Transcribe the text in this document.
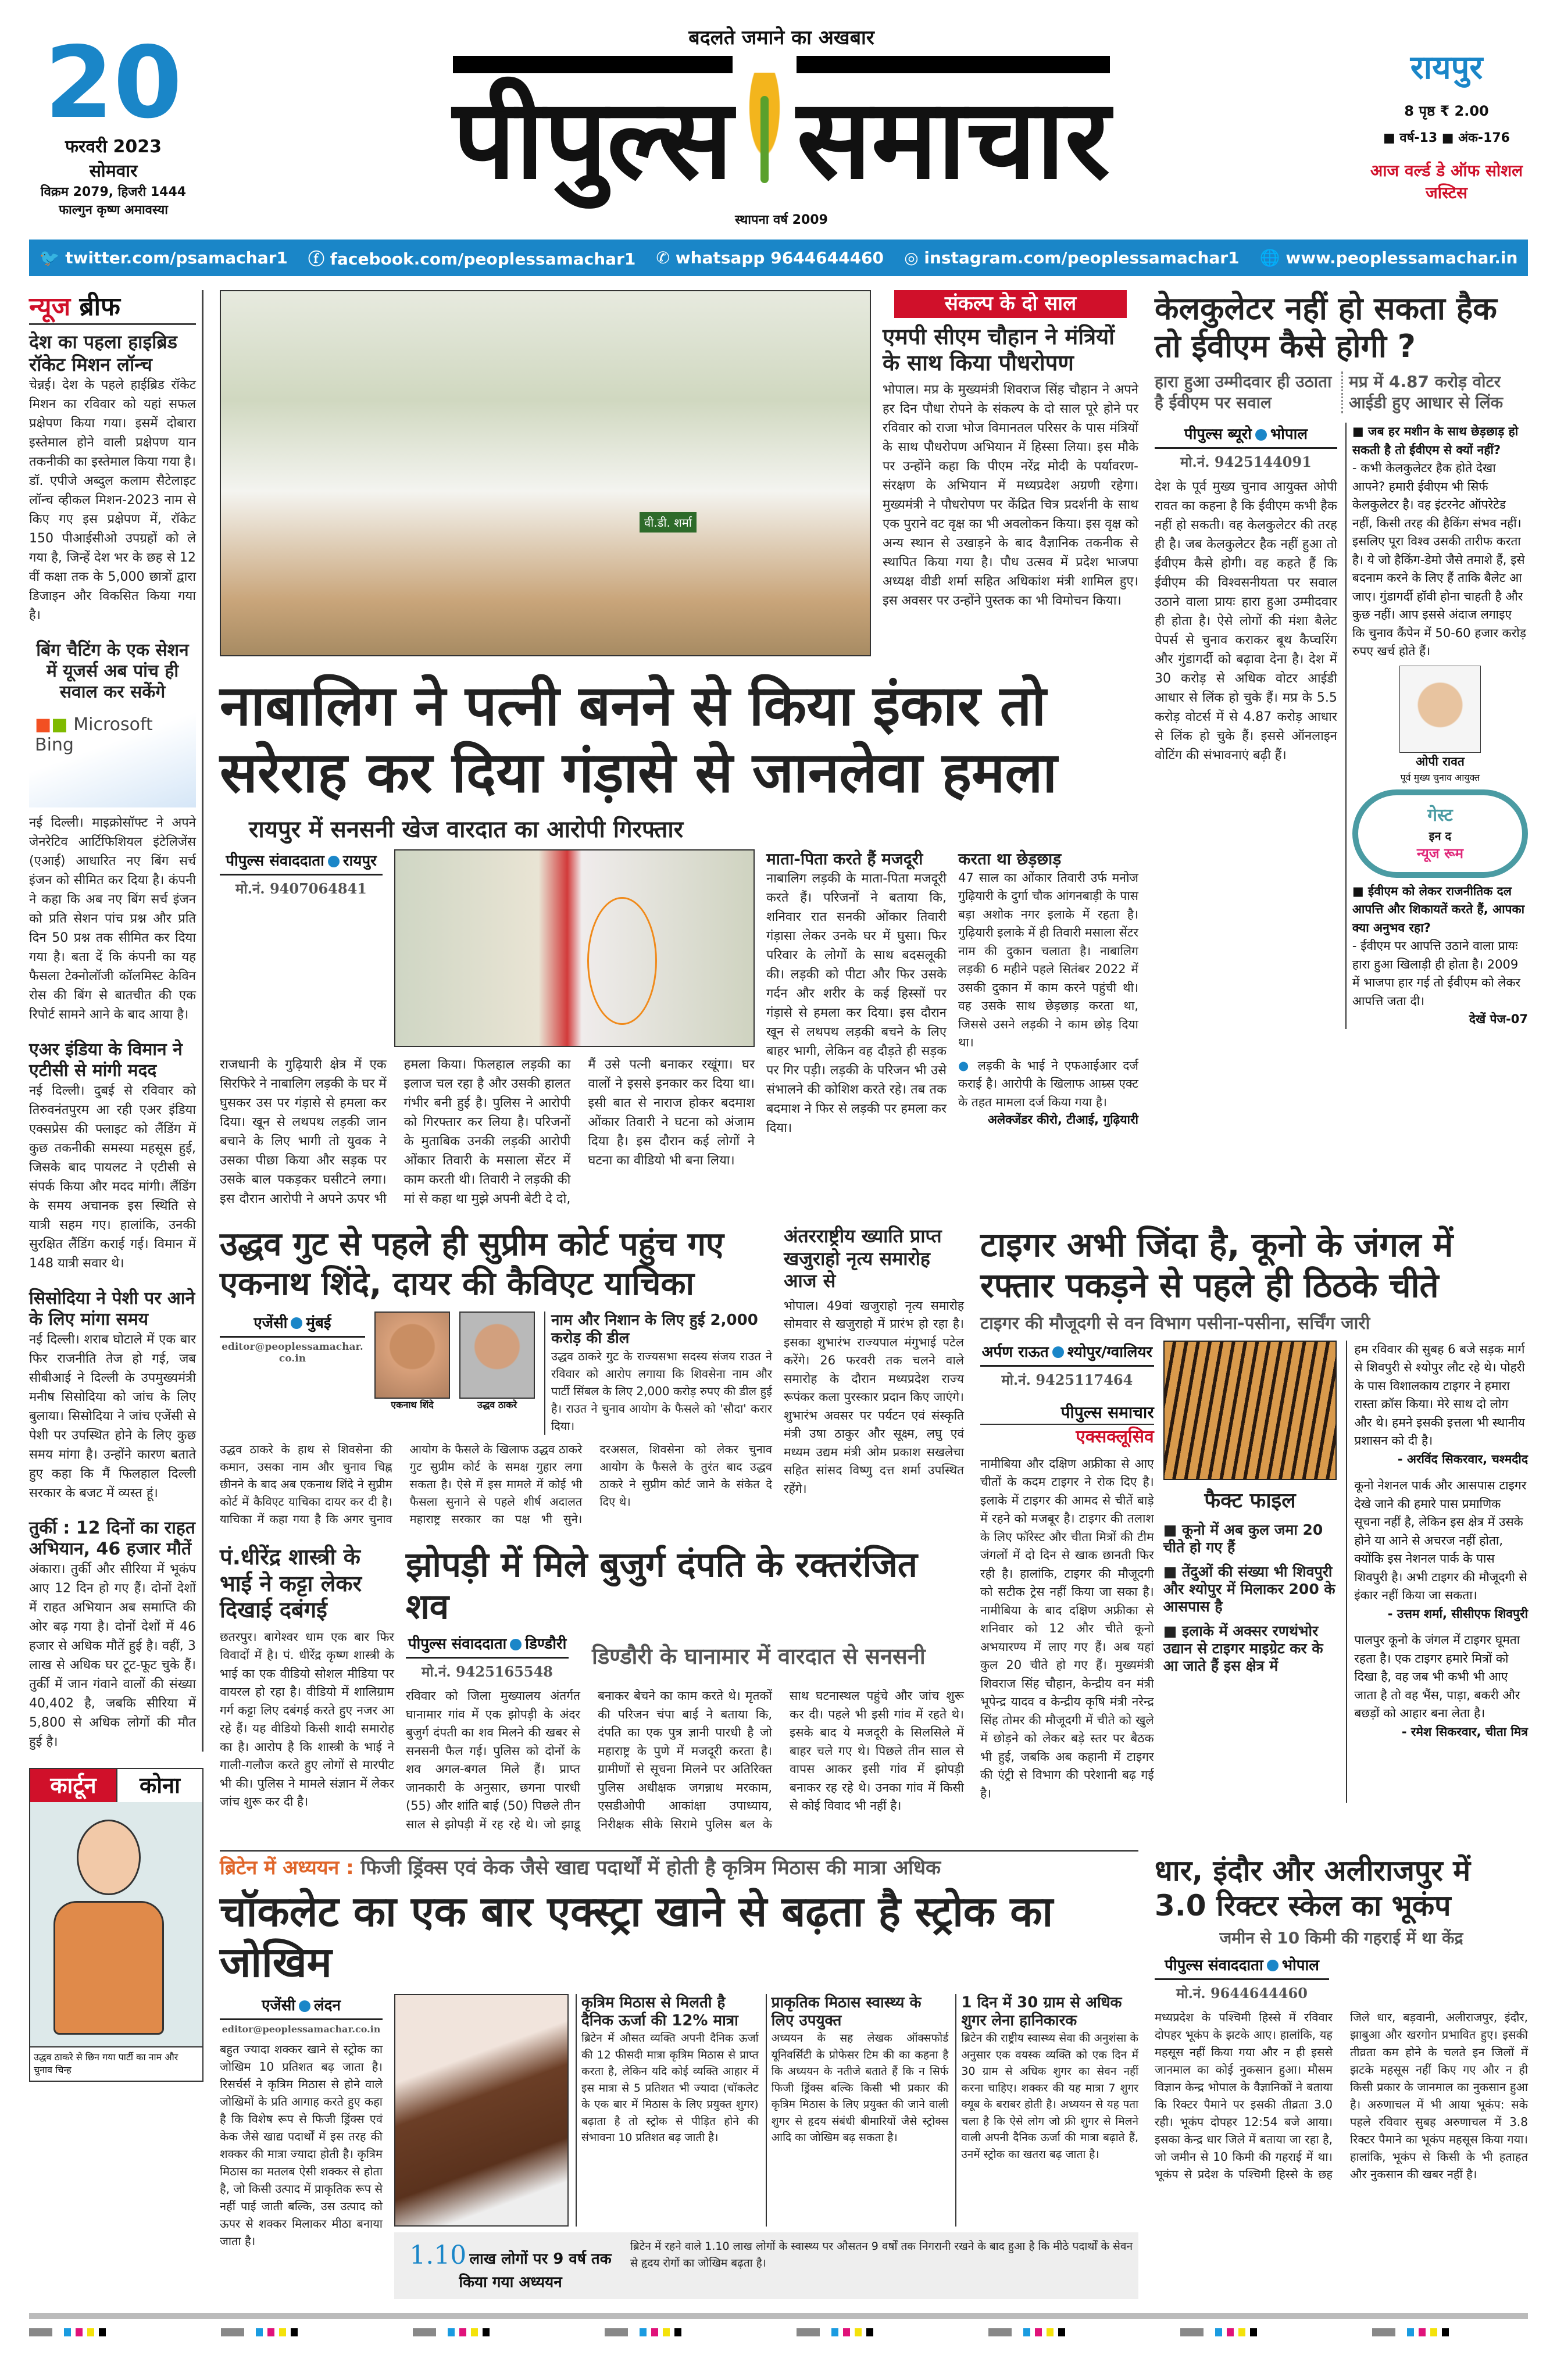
20
फरवरी 2023
सोमवार
विक्रम 2079, हिजरी 1444
फाल्गुन कृष्ण अमावस्या
बदलते जमाने का अखबार
पीपुल्स समाचार
स्थापना वर्ष 2009
रायपुर
8 पृष्ठ ₹ 2.00
■ वर्ष-13 ■ अंक-176
आज वर्ल्ड डे ऑफ सोशल जस्टिस
🐦 twitter.com/psamachar1 ⓕ facebook.com/peoplessamachar1 ✆ whatsapp 9644644460 ◎ instagram.com/peoplessamachar1 🌐 www.peoplessamachar.in
न्यूज ब्रीफ
देश का पहला हाइब्रिड रॉकेट मिशन लॉन्च
चेन्नई। देश के पहले हाईब्रिड रॉकेट मिशन का रविवार को यहां सफल प्रक्षेपण किया गया। इसमें दोबारा इस्तेमाल होने वाली प्रक्षेपण यान तकनीकी का इस्तेमाल किया गया है। डॉ. एपीजे अब्दुल कलाम सैटेलाइट लॉन्च व्हीकल मिशन-2023 नाम से किए गए इस प्रक्षेपण में, रॉकेट 150 पीआईसीओ उपग्रहों को ले गया है, जिन्हें देश भर के छह से 12 वीं कक्षा तक के 5,000 छात्रों द्वारा डिजाइन और विकसित किया गया है।
बिंग चैटिंग के एक सेशन में यूजर्स अब पांच ही सवाल कर सकेंगे
■■ Microsoft Bing
नई दिल्ली। माइक्रोसॉफ्ट ने अपने जेनरेटिव आर्टिफिशियल इंटेलिजेंस (एआई) आधारित नए बिंग सर्च इंजन को सीमित कर दिया है। कंपनी ने कहा कि अब नए बिंग सर्च इंजन को प्रति सेशन पांच प्रश्न और प्रति दिन 50 प्रश्न तक सीमित कर दिया गया है। बता दें कि कंपनी का यह फैसला टेक्नोलॉजी कॉलमिस्ट केविन रोस की बिंग से बातचीत की एक रिपोर्ट सामने आने के बाद आया है।
एअर इंडिया के विमान ने एटीसी से मांगी मदद
नई दिल्ली। दुबई से रविवार को तिरुवनंतपुरम आ रही एअर इंडिया एक्सप्रेस की फ्लाइट को लैंडिंग में कुछ तकनीकी समस्या महसूस हुई, जिसके बाद पायलट ने एटीसी से संपर्क किया और मदद मांगी। लैंडिंग के समय अचानक इस स्थिति से यात्री सहम गए। हालांकि, उनकी सुरक्षित लैंडिंग कराई गई। विमान में 148 यात्री सवार थे।
सिसोदिया ने पेशी पर आने के लिए मांगा समय
नई दिल्ली। शराब घोटाले में एक बार फिर राजनीति तेज हो गई, जब सीबीआई ने दिल्ली के उपमुख्यमंत्री मनीष सिसोदिया को जांच के लिए बुलाया। सिसोदिया ने जांच एजेंसी से पेशी पर उपस्थित होने के लिए कुछ समय मांगा है। उन्होंने कारण बताते हुए कहा कि मैं फिलहाल दिल्ली सरकार के बजट में व्यस्त हूं।
तुर्की : 12 दिनों का राहत अभियान, 46 हजार मौतें
अंकारा। तुर्की और सीरिया में भूकंप आए 12 दिन हो गए हैं। दोनों देशों में राहत अभियान अब समाप्ति की ओर बढ़ गया है। दोनों देशों में 46 हजार से अधिक मौतें हुई है। वहीं, 3 लाख से अधिक घर टूट-फूट चुके हैं। तुर्की में जान गंवाने वालों की संख्या 40,402 है, जबकि सीरिया में 5,800 से अधिक लोगों की मौत हुई है।
कार्टून	कोना
उद्धव ठाकरे से छिन गया पार्टी का नाम और चुनाव चिन्ह
वी.डी. शर्मा
संकल्प के दो साल
एमपी सीएम चौहान ने मंत्रियों के साथ किया पौधरोपण
भोपाल। मप्र के मुख्यमंत्री शिवराज सिंह चौहान ने अपने हर दिन पौधा रोपने के संकल्प के दो साल पूरे होने पर रविवार को राजा भोज विमानतल परिसर के पास मंत्रियों के साथ पौधरोपण अभियान में हिस्सा लिया। इस मौके पर उन्होंने कहा कि पीएम नरेंद्र मोदी के पर्यावरण-संरक्षण के अभियान में मध्यप्रदेश अग्रणी रहेगा। मुख्यमंत्री ने पौधरोपण पर केंद्रित चित्र प्रदर्शनी के साथ एक पुराने वट वृक्ष का भी अवलोकन किया। इस वृक्ष को अन्य स्थान से उखाड़ने के बाद वैज्ञानिक तकनीक से स्थापित किया गया है। पौध उत्सव में प्रदेश भाजपा अध्यक्ष वीडी शर्मा सहित अधिकांश मंत्री शामिल हुए। इस अवसर पर उन्होंने पुस्तक का भी विमोचन किया।
नाबालिग ने पत्नी बनने से किया इंकार तो सरेराह कर दिया गंड़ासे से जानलेवा हमला
रायपुर में सनसनी खेज वारदात का आरोपी गिरफ्तार
पीपुल्स संवाददाता रायपुर
मो.नं. 9407064841
राजधानी के गुढ़ियारी क्षेत्र में एक सिरफिरे ने नाबालिग लड़की के घर में घुसकर उस पर गंड़ासे से हमला कर दिया। खून से लथपथ लड़की जान बचाने के लिए भागी तो युवक ने उसका पीछा किया और सड़क पर उसके बाल पकड़कर घसीटने लगा। इस दौरान आरोपी ने अपने ऊपर भी हमला किया। फिलहाल लड़की का इलाज चल रहा है और उसकी हालत गंभीर बनी हुई है। पुलिस ने आरोपी को गिरफ्तार कर लिया है। परिजनों के मुताबिक उनकी लड़की आरोपी ओंकार तिवारी के मसाला सेंटर में काम करती थी। तिवारी ने लड़की की मां से कहा था मुझे अपनी बेटी दे दो, मैं उसे पत्नी बनाकर रखूंगा। घर वालों ने इससे इनकार कर दिया था। इसी बात से नाराज होकर बदमाश ओंकार तिवारी ने घटना को अंजाम दिया है। इस दौरान कई लोगों ने घटना का वीडियो भी बना लिया।
माता-पिता करते हैं मजदूरी
नाबालिग लड़की के माता-पिता मजदूरी करते हैं। परिजनों ने बताया कि, शनिवार रात सनकी ओंकार तिवारी गंड़ासा लेकर उनके घर में घुसा। फिर परिवार के लोगों के साथ बदसलूकी की। लड़की को पीटा और फिर उसके गर्दन और शरीर के कई हिस्सों पर गंड़ासे से हमला कर दिया। इस दौरान खून से लथपथ लड़की बचने के लिए बाहर भागी, लेकिन वह दौड़ते ही सड़क पर गिर पड़ी। लड़की के परिजन भी उसे संभालने की कोशिश करते रहे। तब तक बदमाश ने फिर से लड़की पर हमला कर दिया।
करता था छेड़छाड़
47 साल का ओंकार तिवारी उर्फ मनोज गुढ़ियारी के दुर्गा चौक आंगनबाड़ी के पास बड़ा अशोक नगर इलाके में रहता है। गुढ़ियारी इलाके में ही तिवारी मसाला सेंटर नाम की दुकान चलाता है। नाबालिग लड़की 6 महीने पहले सितंबर 2022 में उसकी दुकान में काम करने पहुंची थी। वह उसके साथ छेड़छाड़ करता था, जिससे उसने लड़की ने काम छोड़ दिया था।
● लड़की के भाई ने एफआईआर दर्ज कराई है। आरोपी के खिलाफ आम्र्स एक्ट के तहत मामला दर्ज किया गया है।
अलेक्जेंडर कीरो, टीआई, गुढ़ियारी
केलकुलेटर नहीं हो सकता हैक तो ईवीएम कैसे होगी ?
हारा हुआ उम्मीदवार ही उठाता है ईवीएम पर सवाल
मप्र में 4.87 करोड़ वोटर आईडी हुए आधार से लिंक
पीपुल्स ब्यूरो भोपाल
मो.नं. 9425144091
देश के पूर्व मुख्य चुनाव आयुक्त ओपी रावत का कहना है कि ईवीएम कभी हैक नहीं हो सकती। वह केलकुलेटर की तरह ही है। जब केलकुलेटर हैक नहीं हुआ तो ईवीएम कैसे होगी। वह कहते हैं कि ईवीएम की विश्वसनीयता पर सवाल उठाने वाला प्रायः हारा हुआ उम्मीदवार ही होता है। ऐसे लोगों की मंशा बैलेट पेपर्स से चुनाव कराकर बूथ कैप्चरिंग और गुंडागर्दी को बढ़ावा देना है। देश में 30 करोड़ से अधिक वोटर आईडी आधार से लिंक हो चुके हैं। मप्र के 5.5 करोड़ वोटर्स में से 4.87 करोड़ आधार से लिंक हो चुके हैं। इससे ऑनलाइन वोटिंग की संभावनाएं बढ़ी हैं।
■ जब हर मशीन के साथ छेड़छाड़ हो सकती है तो ईवीएम से क्यों नहीं?
- कभी केलकुलेटर हैक होते देखा आपने? हमारी ईवीएम भी सिर्फ केलकुलेटर है। वह इंटरनेट ऑपरेटेड नहीं, किसी तरह की हैकिंग संभव नहीं। इसलिए पूरा विश्व उसकी तारीफ करता है। ये जो हैकिंग-डेमो जैसे तमाशे हैं, इसे बदनाम करने के लिए हैं ताकि बैलेट आ जाए। गुंडागर्दी हॉवी होना चाहती है और कुछ नहीं। आप इससे अंदाज लगाइए कि चुनाव कैंपेन में 50-60 हजार करोड़ रुपए खर्च होते हैं।
ओपी रावत
पूर्व मुख्य चुनाव आयुक्त
गेस्ट
इन द
न्यूज रूम
■ ईवीएम को लेकर राजनीतिक दल आपत्ति और शिकायतें करते हैं, आपका क्या अनुभव रहा?
- ईवीएम पर आपत्ति उठाने वाला प्रायः हारा हुआ खिलाड़ी ही होता है। 2009 में भाजपा हार गई तो ईवीएम को लेकर आपत्ति जता दी।
देखें पेज-07
उद्धव गुट से पहले ही सुप्रीम कोर्ट पहुंच गए एकनाथ शिंदे, दायर की कैविएट याचिका
एजेंसी मुंबई
editor@peoplessamachar.co.in
एकनाथ शिंदे	उद्धव ठाकरे
नाम और निशान के लिए हुई 2,000 करोड़ की डील
उद्धव ठाकरे गुट के राज्यसभा सदस्य संजय राउत ने रविवार को आरोप लगाया कि शिवसेना नाम और पार्टी सिंबल के लिए 2,000 करोड़ रुपए की डील हुई है। राउत ने चुनाव आयोग के फैसले को 'सौदा' करार दिया।
उद्धव ठाकरे के हाथ से शिवसेना की कमान, उसका नाम और चुनाव चिह्न छीनने के बाद अब एकनाथ शिंदे ने सुप्रीम कोर्ट में कैविएट याचिका दायर कर दी है। याचिका में कहा गया है कि अगर चुनाव आयोग के फैसले के खिलाफ उद्धव ठाकरे गुट सुप्रीम कोर्ट के समक्ष गुहार लगा सकता है। ऐसे में इस मामले में कोई भी फैसला सुनाने से पहले शीर्ष अदालत महाराष्ट्र सरकार का पक्ष भी सुने। दरअसल, शिवसेना को लेकर चुनाव आयोग के फैसले के तुरंत बाद उद्धव ठाकरे ने सुप्रीम कोर्ट जाने के संकेत दे दिए थे।
अंतरराष्ट्रीय ख्याति प्राप्त खजुराहो नृत्य समारोह आज से
भोपाल। 49वां खजुराहो नृत्य समारोह सोमवार से खजुराहो में प्रारंभ हो रहा है। इसका शुभारंभ राज्यपाल मंगुभाई पटेल करेंगे। 26 फरवरी तक चलने वाले समारोह के दौरान मध्यप्रदेश राज्य रूपंकर कला पुरस्कार प्रदान किए जाएंगे। शुभारंभ अवसर पर पर्यटन एवं संस्कृति मंत्री उषा ठाकुर और सूक्ष्म, लघु एवं मध्यम उद्यम मंत्री ओम प्रकाश सखलेचा सहित सांसद विष्णु दत्त शर्मा उपस्थित रहेंगे।
पं.धीरेंद्र शास्त्री के भाई ने कट्टा लेकर दिखाई दबंगई
छतरपुर। बागेश्वर धाम एक बार फिर विवादों में है। पं. धीरेंद्र कृष्ण शास्त्री के भाई का एक वीडियो सोशल मीडिया पर वायरल हो रहा है। वीडियो में शालिग्राम गर्ग कट्टा लिए दबंगई करते हुए नजर आ रहे हैं। यह वीडियो किसी शादी समारोह का है। आरोप है कि शास्त्री के भाई ने गाली-गलौज करते हुए लोगों से मारपीट भी की। पुलिस ने मामले संज्ञान में लेकर जांच शुरू कर दी है।
झोपड़ी में मिले बुजुर्ग दंपति के रक्तरंजित शव
पीपुल्स संवाददाता डिण्डौरी
मो.नं. 9425165548
डिण्डौरी के घानामार में वारदात से सनसनी
रविवार को जिला मुख्यालय अंतर्गत घानामार गांव में एक झोपड़ी के अंदर बुजुर्ग दंपती का शव मिलने की खबर से सनसनी फैल गई। पुलिस को दोनों के शव अगल-बगल मिले हैं। प्राप्त जानकारी के अनुसार, छगना पारधी (55) और शांति बाई (50) पिछले तीन साल से झोपड़ी में रह रहे थे। जो झाडू बनाकर बेचने का काम करते थे। मृतकों की परिजन चंपा बाई ने बताया कि, दंपति का एक पुत्र ज्ञानी पारधी है जो महाराष्ट्र के पुणे में मजदूरी करता है। ग्रामीणों से सूचना मिलने पर अतिरिक्त पुलिस अधीक्षक जगन्नाथ मरकाम, एसडीओपी आकांक्षा उपाध्याय, निरीक्षक सीके सिरामे पुलिस बल के साथ घटनास्थल पहुंचे और जांच शुरू कर दी। पहले भी इसी गांव में रहते थे। इसके बाद ये मजदूरी के सिलसिले में बाहर चले गए थे। पिछले तीन साल से वापस आकर इसी गांव में झोपड़ी बनाकर रह रहे थे। उनका गांव में किसी से कोई विवाद भी नहीं है।
टाइगर अभी जिंदा है, कूनो के जंगल में रफ्तार पकड़ने से पहले ही ठिठके चीते
टाइगर की मौजूदगी से वन विभाग पसीना-पसीना, सर्चिंग जारी
अर्पण राऊत श्योपुर/ग्वालियर
मो.नं. 9425117464
पीपुल्स समाचार
एक्सक्लूसिव
नामीबिया और दक्षिण अफ्रीका से आए चीतों के कदम टाइगर ने रोक दिए है। इलाके में टाइगर की आमद से चीतें बाड़े में रहने को मजबूर है। टाइगर की तलाश के लिए फॉरेस्ट और चीता मित्रों की टीम जंगलों में दो दिन से खाक छानती फिर रही है। हालांकि, टाइगर की मौजूदगी को सटीक ट्रेस नहीं किया जा सका है। नामीबिया के बाद दक्षिण अफ्रीका से शनिवार को 12 और चीते कूनो अभयारण्य में लाए गए हैं। अब यहां कुल 20 चीते हो गए हैं। मुख्यमंत्री शिवराज सिंह चौहान, केन्द्रीय वन मंत्री भूपेन्द्र यादव व केन्द्रीय कृषि मंत्री नरेन्द्र सिंह तोमर की मौजूदगी में चीते को खुले में छोड़ने को लेकर बड़े स्तर पर बैठक भी हुई, जबकि अब कहानी में टाइगर की एंट्री से विभाग की परेशानी बढ़ गई है।
फैक्ट फाइल
■ कूनो में अब कुल जमा 20 चीते हो गए हैं
■ तेंदुओं की संख्या भी शिवपुरी और श्योपुर में मिलाकर 200 के आसपास है
■ इलाके में अक्सर रणथंभोर उद्यान से टाइगर माइग्रेट कर के आ जाते हैं इस क्षेत्र में
हम रविवार की सुबह 6 बजे सड़क मार्ग से शिवपुरी से श्योपुर लौट रहे थे। पोहरी के पास विशालकाय टाइगर ने हमारा रास्ता क्रॉस किया। मेरे साथ दो लोग और थे। हमने इसकी इत्तला भी स्थानीय प्रशासन को दी है।
- अरविंद सिकरवार, चश्मदीद
कूनो नेशनल पार्क और आसपास टाइगर देखे जाने की हमारे पास प्रमाणिक सूचना नहीं है, लेकिन इस क्षेत्र में उसके होने या आने से अचरज नहीं होता, क्योंकि इस नेशनल पार्क के पास शिवपुरी है। अभी टाइगर की मौजूदगी से इंकार नहीं किया जा सकता।
- उत्तम शर्मा, सीसीएफ शिवपुरी
पालपुर कूनो के जंगल में टाइगर घूमता रहता है। एक टाइगर हमारे मित्रों को दिखा है, वह जब भी कभी भी आए जाता है तो वह भैंस, पाड़ा, बकरी और बछड़ों को आहार बना लेता है।
- रमेश सिकरवार, चीता मित्र
ब्रिटेन में अध्ययन : फिजी ड्रिंक्स एवं केक जैसे खाद्य पदार्थों में होती है कृत्रिम मिठास की मात्रा अधिक
चॉकलेट का एक बार एक्स्ट्रा खाने से बढ़ता है स्ट्रोक का जोखिम
एजेंसी लंदन
editor@peoplessamachar.co.in
बहुत ज्यादा शक्कर खाने से स्ट्रोक का जोखिम 10 प्रतिशत बढ़ जाता है। रिसर्चर्स ने कृत्रिम मिठास से होने वाले जोखिमों के प्रति आगाह करते हुए कहा है कि विशेष रूप से फिजी ड्रिंक्स एवं केक जैसे खाद्य पदार्थों में इस तरह की शक्कर की मात्रा ज्यादा होती है। कृत्रिम मिठास का मतलब ऐसी शक्कर से होता है, जो किसी उत्पाद में प्राकृतिक रूप से नहीं पाई जाती बल्कि, उस उत्पाद को ऊपर से शक्कर मिलाकर मीठा बनाया जाता है।
कृत्रिम मिठास से मिलती है दैनिक ऊर्जा की 12% मात्रा
ब्रिटेन में औसत व्यक्ति अपनी दैनिक ऊर्जा की 12 फीसदी मात्रा कृत्रिम मिठास से प्राप्त करता है, लेकिन यदि कोई व्यक्ति आहार में इस मात्रा से 5 प्रतिशत भी ज्यादा (चॉकलेट के एक बार में मिठास के लिए प्रयुक्त शुगर) बढ़ाता है तो स्ट्रोक से पीड़ित होने की संभावना 10 प्रतिशत बढ़ जाती है।
प्राकृतिक मिठास स्वास्थ्य के लिए उपयुक्त
अध्ययन के सह लेखक ऑक्सफोर्ड यूनिवर्सिटी के प्रोफेसर टिम की का कहना है कि अध्ययन के नतीजे बताते हैं कि न सिर्फ फिजी ड्रिंक्स बल्कि किसी भी प्रकार की कृत्रिम मिठास के लिए प्रयुक्त की जाने वाली शुगर से हृदय संबंधी बीमारियों जैसे स्ट्रोक्स आदि का जोखिम बढ़ सकता है।
1 दिन में 30 ग्राम से अधिक शुगर लेना हानिकारक
ब्रिटेन की राष्ट्रीय स्वास्थ्य सेवा की अनुशंसा के अनुसार एक वयस्क व्यक्ति को एक दिन में 30 ग्राम से अधिक शुगर का सेवन नहीं करना चाहिए। शक्कर की यह मात्रा 7 शुगर क्यूब के बराबर होती है। अध्ययन से यह पता चला है कि ऐसे लोग जो फ्री शुगर से मिलने वाली अपनी दैनिक ऊर्जा की मात्रा बढ़ाते हैं, उनमें स्ट्रोक का खतरा बढ़ जाता है।
1.10 लाख लोगों पर 9 वर्ष तक किया गया अध्ययन
ब्रिटेन में रहने वाले 1.10 लाख लोगों के स्वास्थ्य पर औसतन 9 वर्षों तक निगरानी रखने के बाद हुआ है कि मीठे पदार्थों के सेवन से हृदय रोगों का जोखिम बढ़ता है।
धार, इंदौर और अलीराजपुर में 3.0 रिक्टर स्केल का भूकंप
जमीन से 10 किमी की गहराई में था केंद्र
पीपुल्स संवाददाता भोपाल
मो.नं. 9644644460
मध्यप्रदेश के पश्चिमी हिस्से में रविवार दोपहर भूकंप के झटके आए। हालांकि, यह महसूस नहीं किया गया और न ही इससे जानमाल का कोई नुकसान हुआ। मौसम विज्ञान केन्द्र भोपाल के वैज्ञानिकों ने बताया कि रिक्टर पैमाने पर इसकी तीव्रता 3.0 रही। भूकंप दोपहर 12:54 बजे आया। इसका केन्द्र धार जिले में बताया जा रहा है, जो जमीन से 10 किमी की गहराई में था। भूकंप से प्रदेश के पश्चिमी हिस्से के छह जिले धार, बड़वानी, अलीराजपुर, इंदौर, झाबुआ और खरगोन प्रभावित हुए। इसकी तीव्रता कम होने के चलते इन जिलों में झटके महसूस नहीं किए गए और न ही किसी प्रकार के जानमाल का नुकसान हुआ है। अरुणाचल में भी आया भूकंप: सके पहले रविवार सुबह अरुणाचल में 3.8 रिक्टर पैमाने का भूकंप महसूस किया गया। हालांकि, भूकंप से किसी के भी हताहत और नुकसान की खबर नहीं है।
